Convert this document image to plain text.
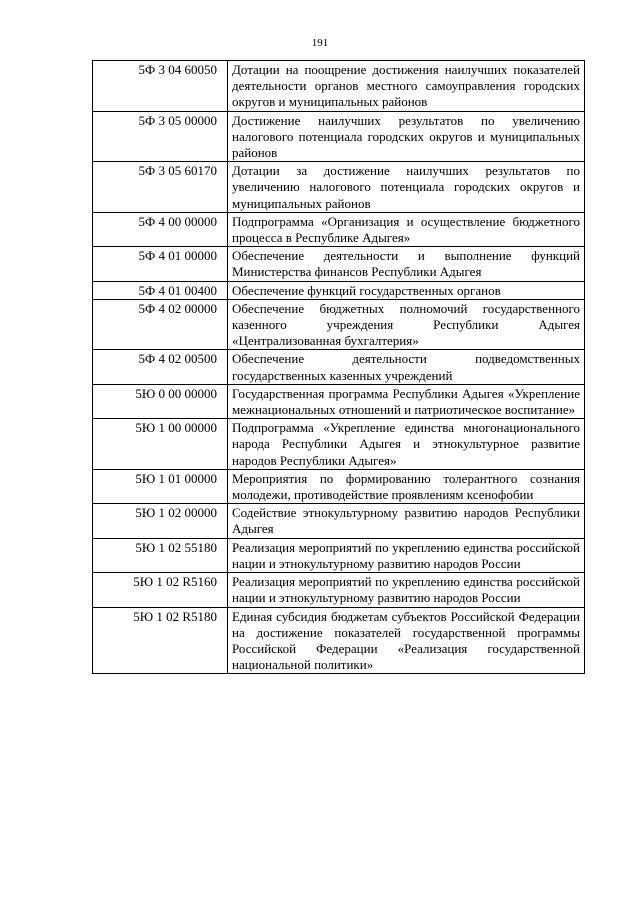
191
5Ф 3 04 60050	Дотации на поощрение достижения наилучших показателей деятельности органов местного самоуправления городских округов и муниципальных районов
5Ф 3 05 00000	Достижение наилучших результатов по увеличению налогового потенциала городских округов и муниципальных районов
5Ф 3 05 60170	Дотации за достижение наилучших результатов по увеличению налогового потенциала городских округов и муниципальных районов
5Ф 4 00 00000	Подпрограмма «Организация и осуществление бюджетного процесса в Республике Адыгея»
5Ф 4 01 00000	Обеспечение деятельности и выполнение функций Министерства финансов Республики Адыгея
5Ф 4 01 00400	Обеспечение функций государственных органов
5Ф 4 02 00000	Обеспечение бюджетных полномочий государственного казенного учреждения Республики Адыгея «Централизованная бухгалтерия»
5Ф 4 02 00500	Обеспечение деятельности подведомственных государственных казенных учреждений
5Ю 0 00 00000	Государственная программа Республики Адыгея «Укрепление межнациональных отношений и патриотическое воспитание»
5Ю 1 00 00000	Подпрограмма «Укрепление единства многонационального народа Республики Адыгея и этнокультурное развитие народов Республики Адыгея»
5Ю 1 01 00000	Мероприятия по формированию толерантного сознания молодежи, противодействие проявлениям ксенофобии
5Ю 1 02 00000	Содействие этнокультурному развитию народов Республики Адыгея
5Ю 1 02 55180	Реализация мероприятий по укреплению единства российской нации и этнокультурному развитию народов России
5Ю 1 02 R5160	Реализация мероприятий по укреплению единства российской нации и этнокультурному развитию народов России
5Ю 1 02 R5180	Единая субсидия бюджетам субъектов Российской Федерации на достижение показателей государственной программы Российской Федерации «Реализация государственной национальной политики»
